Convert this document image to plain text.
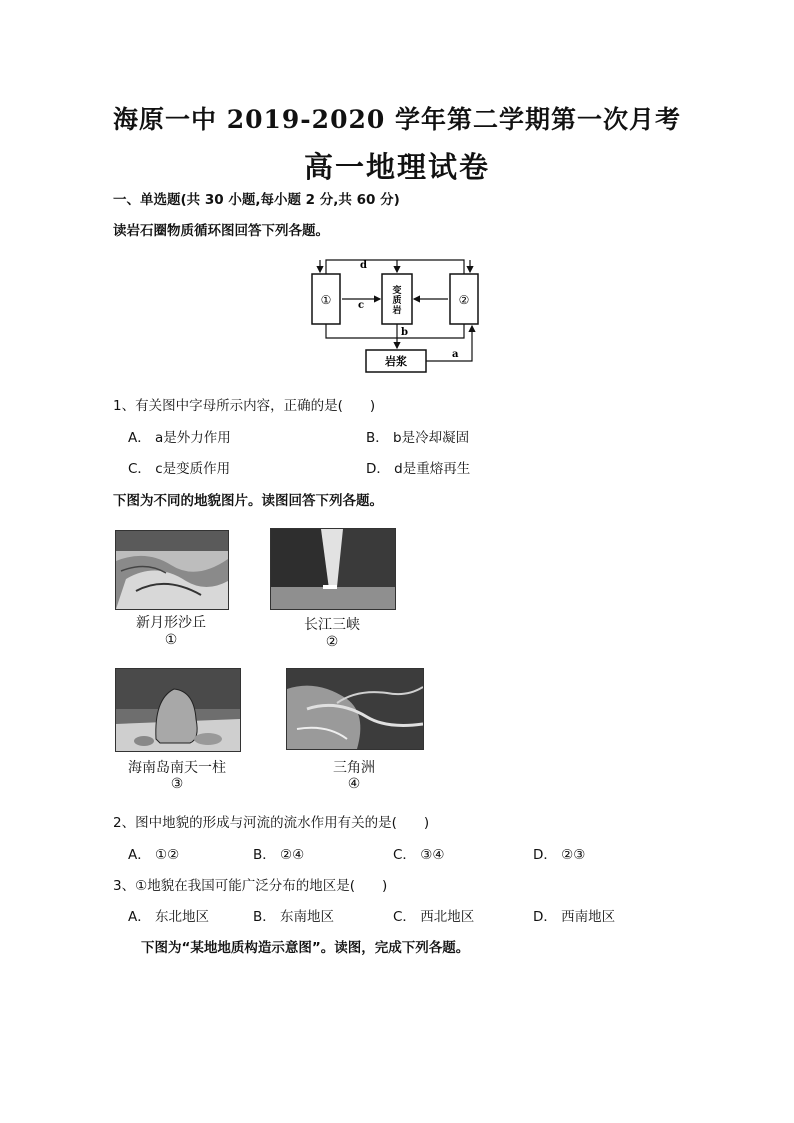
海原一中 2019-2020 学年第二学期第一次月考
高一地理试卷
一、单选题(共 30 小题,每小题 2 分,共 60 分)
读岩石圈物质循环图回答下列各题。
①	②
变
质
岩
岩浆
d
c
b
a
1、有关图中字母所示内容，正确的是(　　)
A． a是外力作用	B． b是冷却凝固
C． c是变质作用	D． d是重熔再生
下图为不同的地貌图片。读图回答下列各题。
新月形沙丘
①
长江三峡
②
海南岛南天一柱
③
三角洲
④
2、图中地貌的形成与河流的流水作用有关的是(　　)
A． ①②	B． ②④	C． ③④	D． ②③
3、①地貌在我国可能广泛分布的地区是(　　)
A． 东北地区	B． 东南地区	C． 西北地区	D． 西南地区
下图为“某地地质构造示意图”。读图，完成下列各题。
